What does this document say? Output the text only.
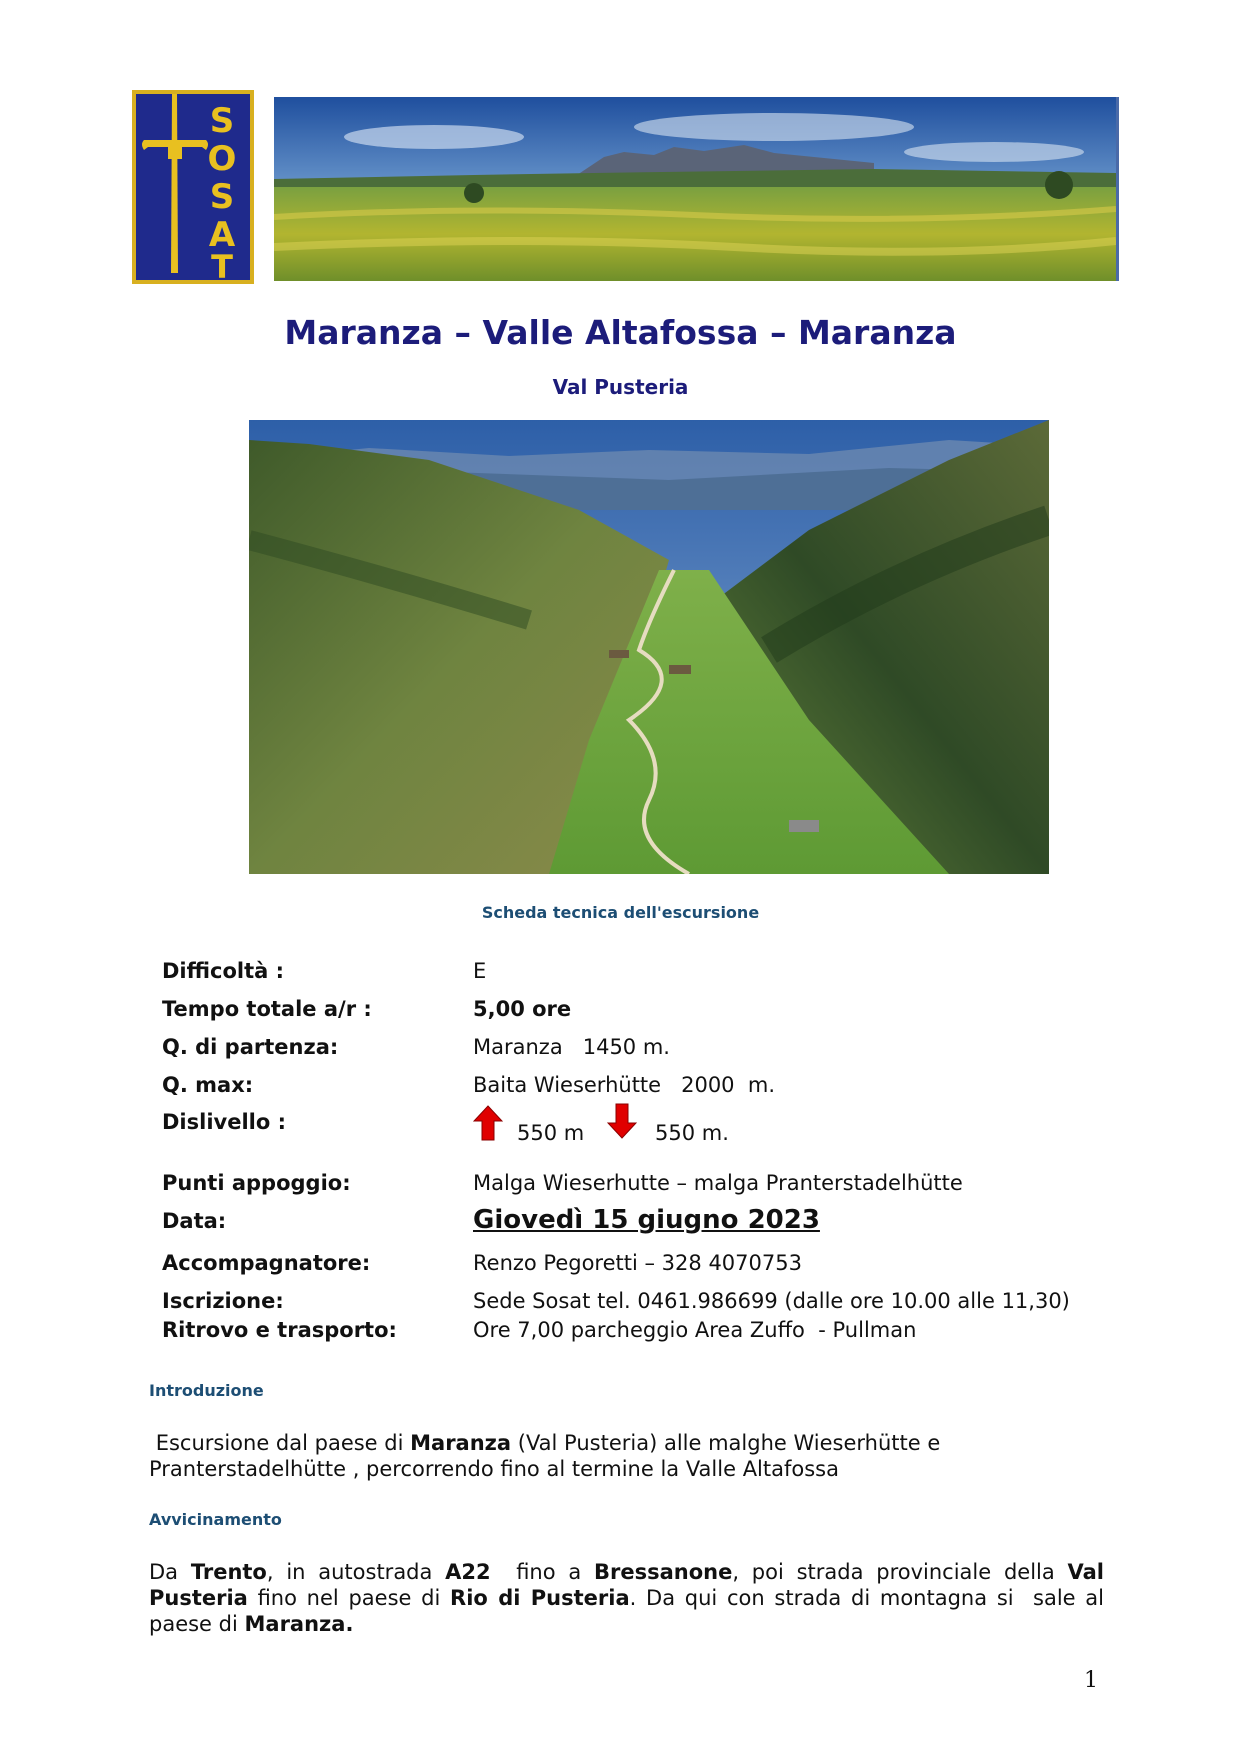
S
O
S
A
T
Maranza – Valle Altafossa – Maranza
Val Pusteria
Scheda tecnica dell'escursione
Difficoltà :	E
Tempo totale a/r :	5,00 ore
Q. di partenza:	Maranza   1450 m.
Q. max:	Baita Wieserhütte   2000  m.
Dislivello :	550 m	550 m.
Punti appoggio:	Malga Wieserhutte – malga Pranterstadelhütte
Data:	Giovedì 15 giugno 2023
Accompagnatore:	Renzo Pegoretti – 328 4070753
Iscrizione:	Sede Sosat tel. 0461.986699 (dalle ore 10.00 alle 11,30)
Ritrovo e trasporto:	Ore 7,00 parcheggio Area Zuffo  - Pullman
Introduzione
Escursione dal paese di Maranza (Val Pusteria) alle malghe Wieserhütte e Pranterstadelhütte , percorrendo fino al termine la Valle Altafossa
Avvicinamento
Da Trento, in autostrada A22  fino a Bressanone, poi strada provinciale della Val Pusteria fino nel paese di Rio di Pusteria. Da qui con strada di montagna si  sale al paese di Maranza.
1
